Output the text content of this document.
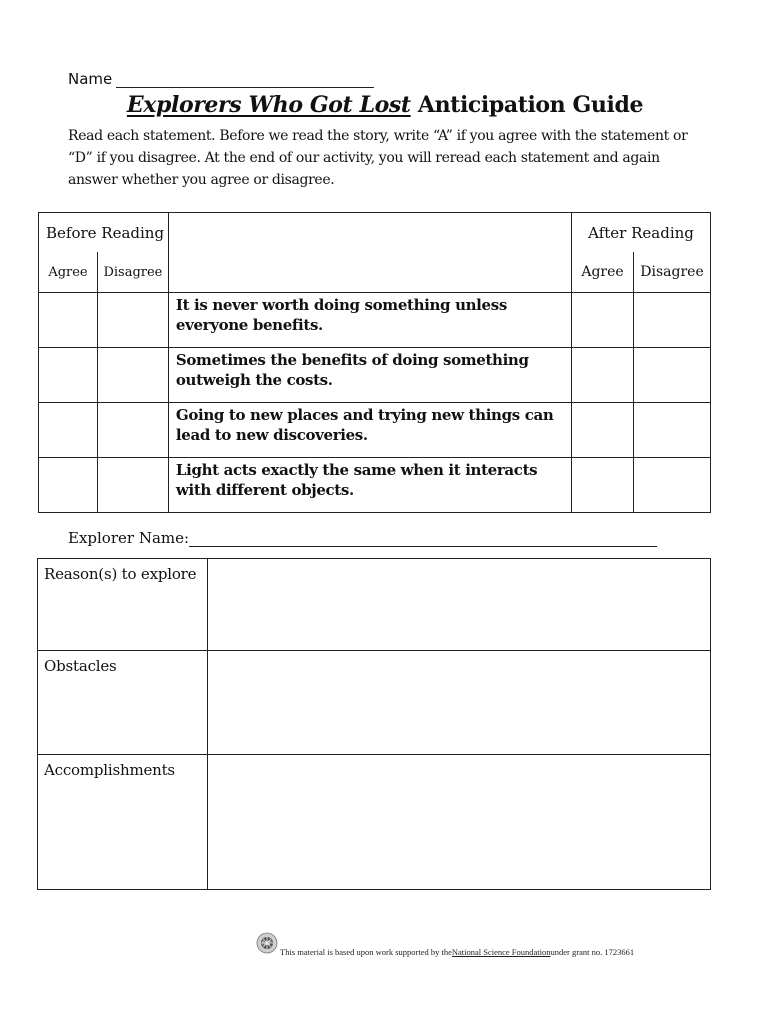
Name
Explorers Who Got Lost Anticipation Guide
Read each statement. Before we read the story, write “A” if you agree with the statement or “D” if you disagree. At the end of our activity, you will reread each statement and again answer whether you agree or disagree.
Before Reading			After Reading	
Agree	Disagree		Agree	Disagree
		It is never worth doing something unless everyone benefits.		
		Sometimes the benefits of doing something outweigh the costs.		
		Going to new places and trying new things can lead to new discoveries.		
		Light acts exactly the same when it interacts with different objects.		
Explorer Name:
Reason(s) to explore	
Obstacles	
Accomplishments	
NSF
This material is based upon work supported by the National Science Foundation under grant no. 1723661
